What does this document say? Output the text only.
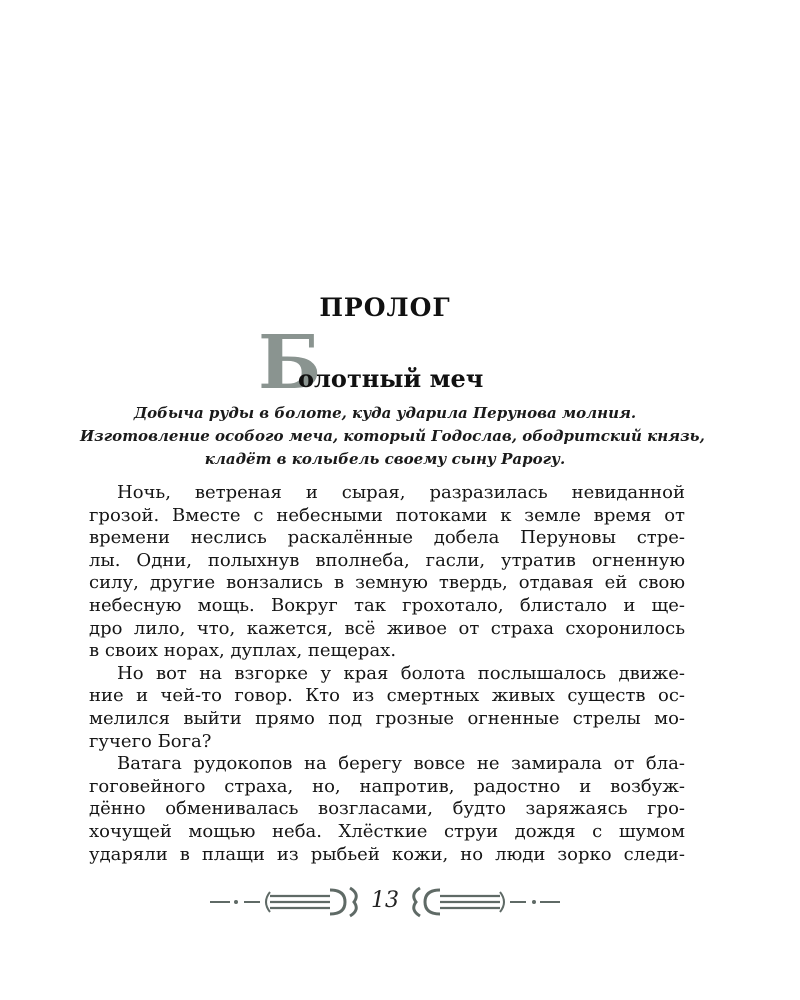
ПРОЛОГ
Б
олотный меч
Добыча руды в болоте, куда ударила Перунова молния.
Изготовление особого меча, который Годослав, ободритский князь,
кладёт в колыбель своему сыну Рарогу.
Ночь, ветреная и сырая, разразилась невиданной
грозой. Вместе с небесными потоками к земле время от
времени неслись раскалённые добела Перуновы стре-
лы. Одни, полыхнув вполнеба, гасли, утратив огненную
силу, другие вонзались в земную твердь, отдавая ей свою
небесную мощь. Вокруг так грохотало, блистало и ще-
дро лило, что, кажется, всё живое от страха схоронилось
в своих норах, дуплах, пещерах.
Но вот на взгорке у края болота послышалось движе-
ние и чей-то говор. Кто из смертных живых существ ос-
мелился выйти прямо под грозные огненные стрелы мо-
гучего Бога?
Ватага рудокопов на берегу вовсе не замирала от бла-
гоговейного страха, но, напротив, радостно и возбуж-
дённо обменивалась возгласами, будто заряжаясь гро-
хочущей мощью неба. Хлёсткие струи дождя с шумом
ударяли в плащи из рыбьей кожи, но люди зорко следи-
13
